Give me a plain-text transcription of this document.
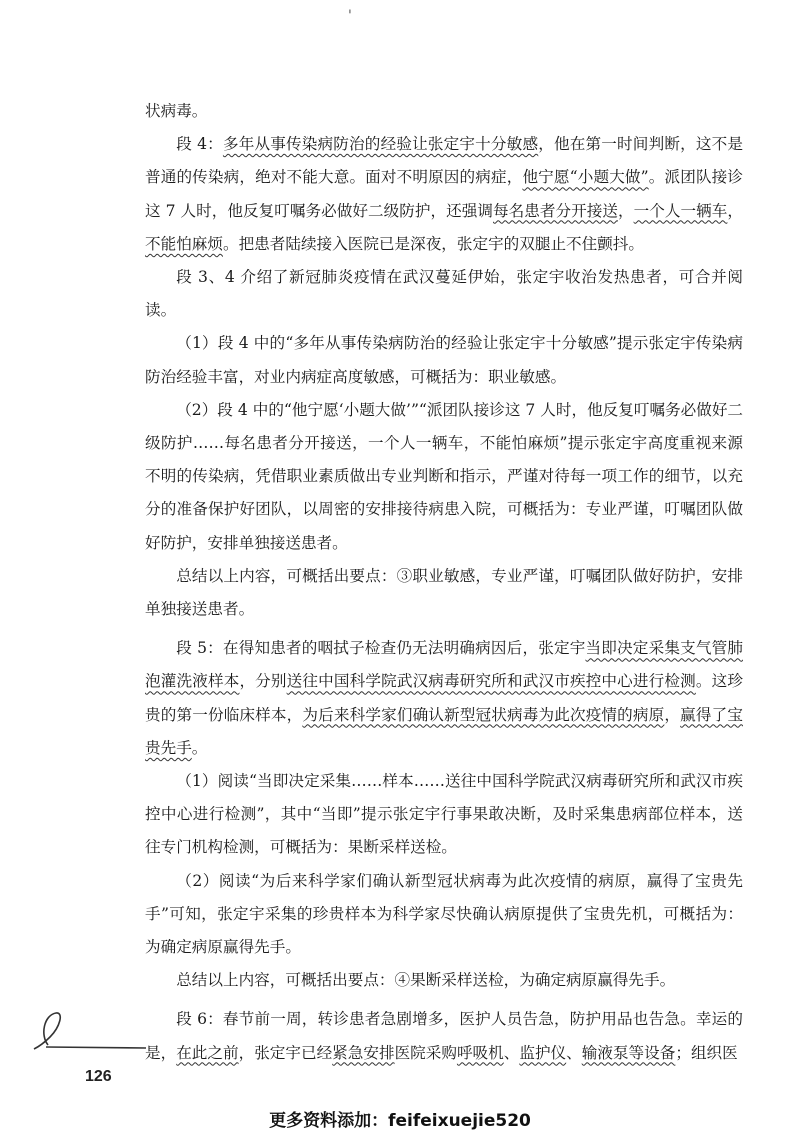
'

状病毒。

段 4：多年从事传染病防治的经验让张定宇十分敏感，他在第一时间判断，这不是普通的传染病，绝对不能大意。面对不明原因的病症，他宁愿“小题大做”。派团队接诊这 7 人时，他反复叮嘱务必做好二级防护，还强调每名患者分开接送，一个人一辆车，不能怕麻烦。把患者陆续接入医院已是深夜，张定宇的双腿止不住颤抖。

段 3、4 介绍了新冠肺炎疫情在武汉蔓延伊始，张定宇收治发热患者，可合并阅读。

（1）段 4 中的“多年从事传染病防治的经验让张定宇十分敏感”提示张定宇传染病防治经验丰富，对业内病症高度敏感，可概括为：职业敏感。

（2）段 4 中的“他宁愿‘小题大做’”“派团队接诊这 7 人时，他反复叮嘱务必做好二级防护……每名患者分开接送，一个人一辆车，不能怕麻烦”提示张定宇高度重视来源不明的传染病，凭借职业素质做出专业判断和指示，严谨对待每一项工作的细节，以充分的准备保护好团队，以周密的安排接待病患入院，可概括为：专业严谨，叮嘱团队做好防护，安排单独接送患者。

总结以上内容，可概括出要点：③职业敏感，专业严谨，叮嘱团队做好防护，安排单独接送患者。

段 5：在得知患者的咽拭子检查仍无法明确病因后，张定宇当即决定采集支气管肺泡灌洗液样本，分别送往中国科学院武汉病毒研究所和武汉市疾控中心进行检测。这珍贵的第一份临床样本，为后来科学家们确认新型冠状病毒为此次疫情的病原，赢得了宝贵先手。

（1）阅读“当即决定采集……样本……送往中国科学院武汉病毒研究所和武汉市疾控中心进行检测”，其中“当即”提示张定宇行事果敢决断，及时采集患病部位样本，送往专门机构检测，可概括为：果断采样送检。

（2）阅读“为后来科学家们确认新型冠状病毒为此次疫情的病原，赢得了宝贵先手”可知，张定宇采集的珍贵样本为科学家尽快确认病原提供了宝贵先机，可概括为：为确定病原赢得先手。

总结以上内容，可概括出要点：④果断采样送检，为确定病原赢得先手。

段 6：春节前一周，转诊患者急剧增多，医护人员告急，防护用品也告急。幸运的是，在此之前，张定宇已经紧急安排医院采购呼吸机、监护仪、输液泵等设备；组织医

126
更多资料添加：feifeixuejie520
